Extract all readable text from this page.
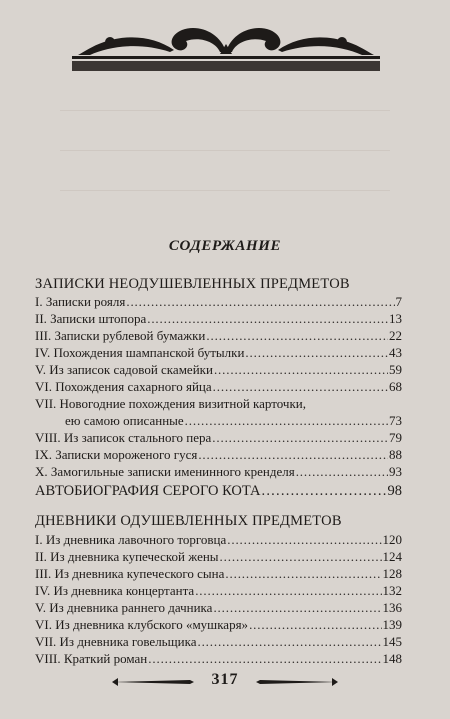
СОДЕРЖАНИЕ
ЗАПИСКИ НЕОДУШЕВЛЕННЫХ ПРЕДМЕТОВ
I. Записки рояля . . .	7
II. Записки штопора . . .	13
III. Записки рублевой бумажки . . .	22
IV. Похождения шампанской бутылки . . .	43
V. Из записок садовой скамейки . . .	59
VI. Похождения сахарного яйца . . .	68
VII. Новогодние похождения визитной карточки,
ею самою описанные . . .	73
VIII. Из записок стального пера . . .	79
IX. Записки мороженого гуся . . .	88
X. Замогильные записки именинного кренделя . . .	93
АВТОБИОГРАФИЯ СЕРОГО КОТА . . .	98
ДНЕВНИКИ ОДУШЕВЛЕННЫХ ПРЕДМЕТОВ
I. Из дневника лавочного торговца . . .	120
II. Из дневника купеческой жены . . .	124
III. Из дневника купеческого сына . . .	128
IV. Из дневника концертанта . . .	132
V. Из дневника раннего дачника . . .	136
VI. Из дневника клубского «мушкаря» . . .	139
VII. Из дневника говельщика . . .	145
VIII. Краткий роман . . .	148
317
